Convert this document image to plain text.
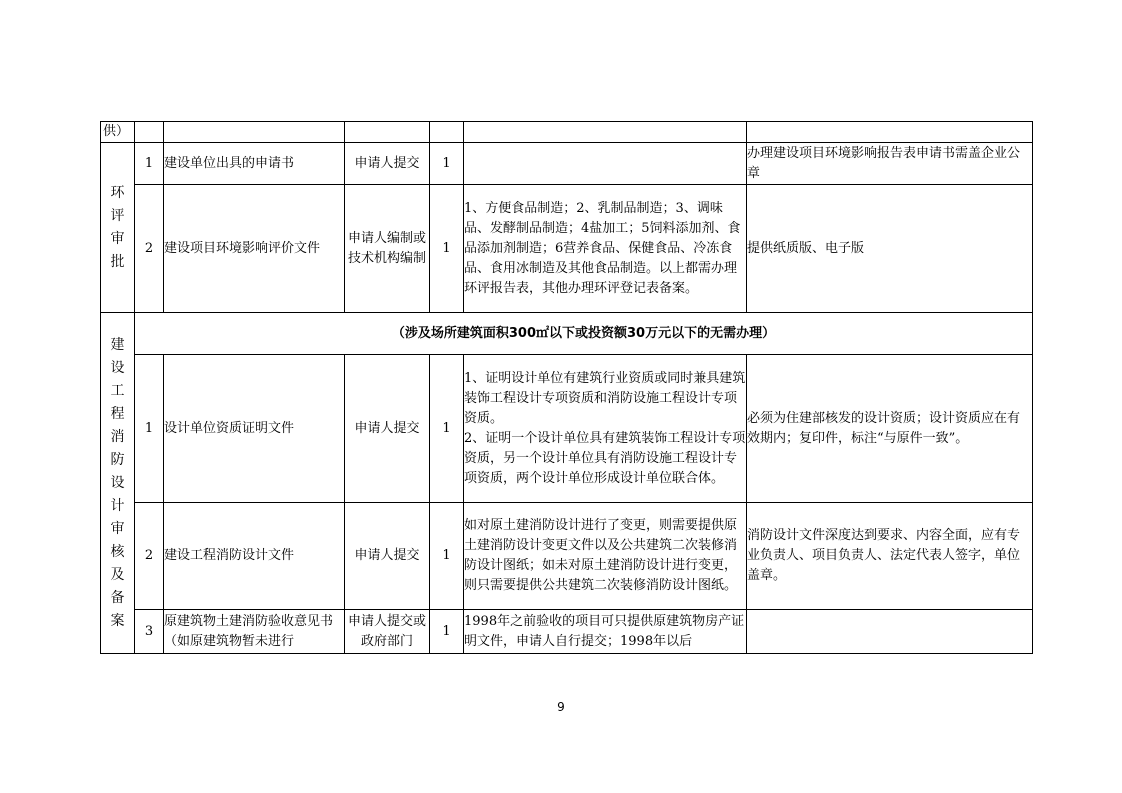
供）						

环评审批	1	建设单位出具的申请书	申请人提交	1		办理建设项目环境影响报告表申请书需盖企业公章
	2	建设项目环境影响评价文件	申请人编制或技术机构编制	1	1、方便食品制造；2、乳制品制造；3、调味品、发酵制品制造；4盐加工；5饲料添加剂、食品添加剂制造；6营养食品、保健食品、冷冻食品、食用冰制造及其他食品制造。以上都需办理环评报告表，其他办理环评登记表备案。	提供纸质版、电子版

建设工程消防设计审核及备案	（涉及场所建筑面积300㎡以下或投资额30万元以下的无需办理）					
	1	设计单位资质证明文件	申请人提交	1	1、证明设计单位有建筑行业资质或同时兼具建筑装饰工程设计专项资质和消防设施工程设计专项资质。
2、证明一个设计单位具有建筑装饰工程设计专项资质，另一个设计单位具有消防设施工程设计专项资质，两个设计单位形成设计单位联合体。	必须为住建部核发的设计资质；设计资质应在有效期内；复印件，标注“与原件一致”。
	2	建设工程消防设计文件	申请人提交	1	如对原土建消防设计进行了变更，则需要提供原土建消防设计变更文件以及公共建筑二次装修消防设计图纸；如未对原土建消防设计进行变更，则只需要提供公共建筑二次装修消防设计图纸。	消防设计文件深度达到要求、内容全面，应有专业负责人、项目负责人、法定代表人签字，单位盖章。
	3	原建筑物土建消防验收意见书（如原建筑物暂未进行	申请人提交或政府部门	1	1998年之前验收的项目可只提供原建筑物房产证明文件，申请人自行提交；1998年以后	
9
